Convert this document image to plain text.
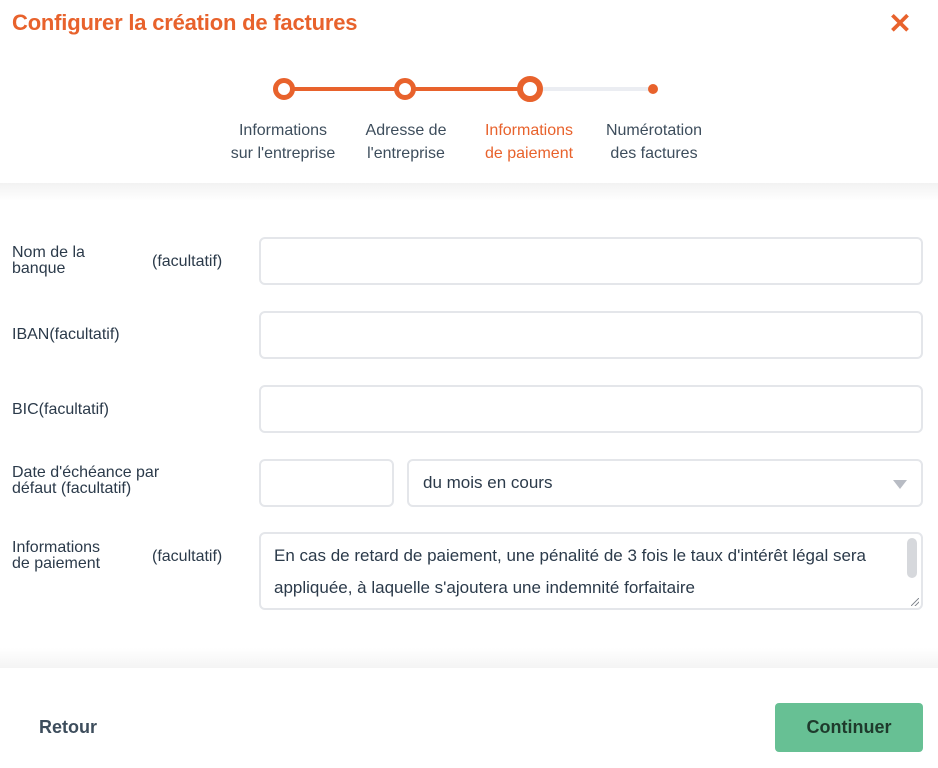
Configurer la création de factures	✕
Informations
sur l'entreprise
Adresse de
l'entreprise
Informations
de paiement
Numérotation
des factures
Nom de la
banque	(facultatif)
IBAN(facultatif)
BIC(facultatif)
Date d'échéance par
défaut (facultatif)	du mois en cours
Informations
de paiement	(facultatif)	En cas de retard de paiement, une pénalité de 3 fois le taux d'intérêt légal sera appliquée, à laquelle s'ajoutera une indemnité forfaitaire
Retour	Continuer
